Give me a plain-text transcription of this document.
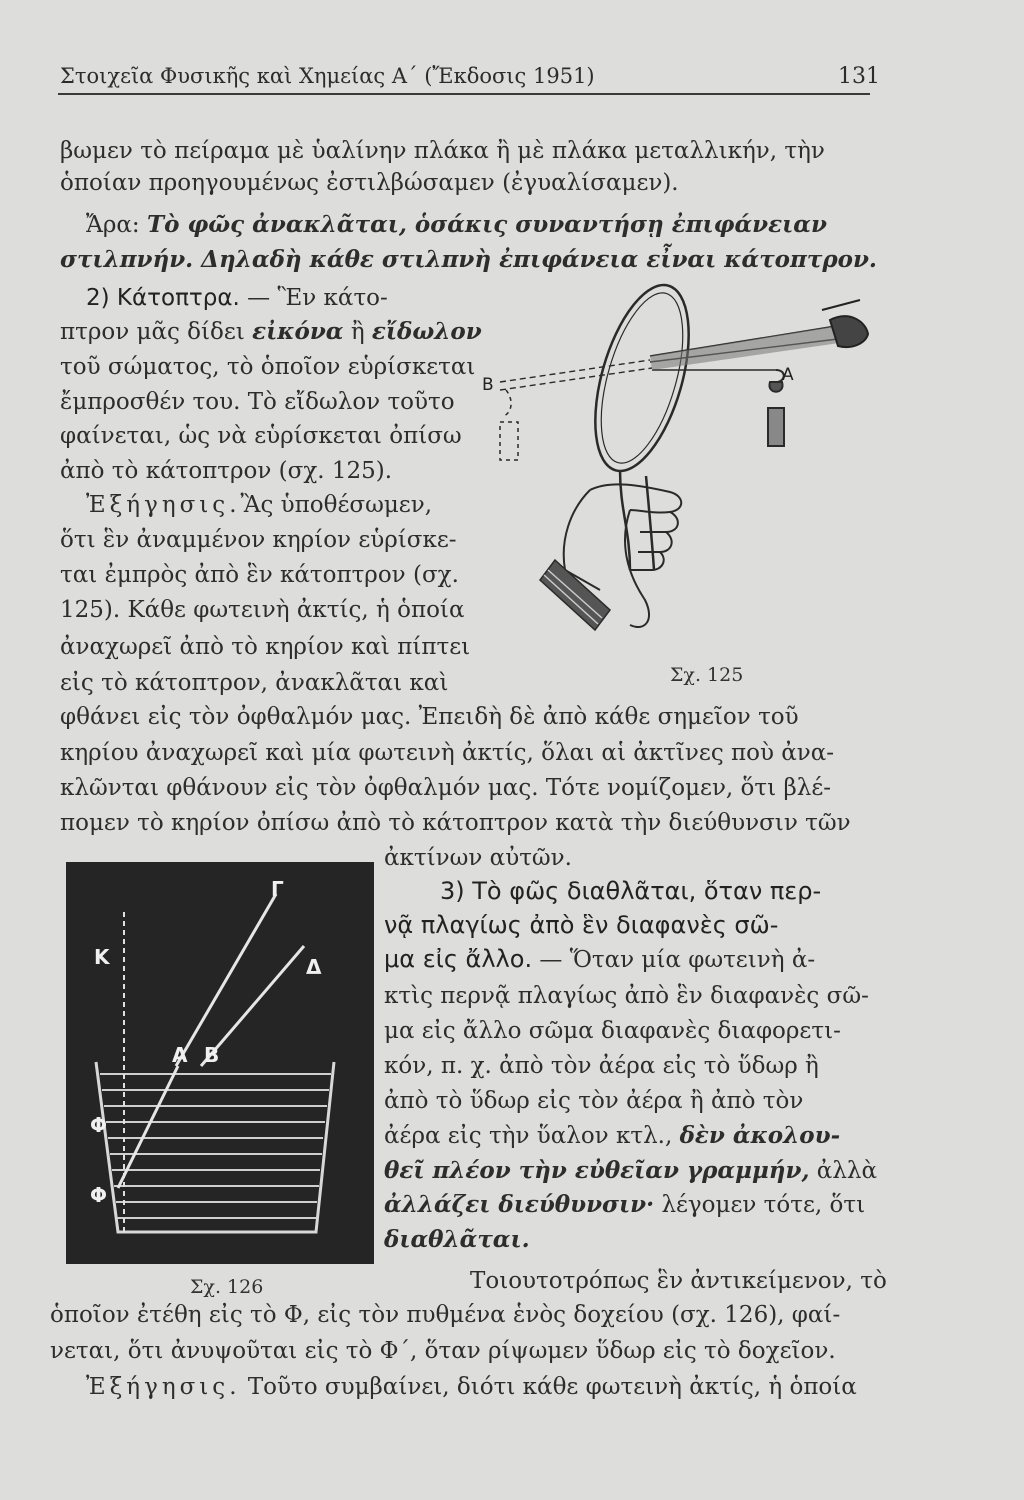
Στοιχεῖα Φυσικῆς καὶ Χημείας Α΄ (Ἔκδοσις 1951)	131
βωμεν τὸ πείραμα μὲ ὑαλίνην πλάκα ἢ μὲ πλάκα μεταλλικήν, τὴν
ὁποίαν προηγουμένως ἐστιλβώσαμεν (ἐγυαλίσαμεν).
Ἄρα: Τὸ φῶς ἀνακλᾶται, ὁσάκις συναντήσῃ ἐπιφάνειαν
στιλπνήν. Δηλαδὴ κάθε στιλπνὴ ἐπιφάνεια εἶναι κάτοπτρον.
2) Κάτοπτρα. — Ἓν κάτο-
πτρον μᾶς δίδει εἰκόνα ἢ εἴδωλον
τοῦ σώματος, τὸ ὁποῖον εὑρίσκεται
ἔμπροσθέν του. Τὸ εἴδωλον τοῦτο
φαίνεται, ὡς νὰ εὑρίσκεται ὀπίσω
ἀπὸ τὸ κάτοπτρον (σχ. 125).
Ἐξήγησις.Ἂς ὑποθέσωμεν,
ὅτι ἓν ἀναμμένον κηρίον εὑρίσκε-
ται ἐμπρὸς ἀπὸ ἓν κάτοπτρον (σχ.
125). Κάθε φωτεινὴ ἀκτίς, ἡ ὁποία
ἀναχωρεῖ ἀπὸ τὸ κηρίον καὶ πίπτει
εἰς τὸ κάτοπτρον, ἀνακλᾶται καὶ
φθάνει εἰς τὸν ὀφθαλμόν μας. Ἐπειδὴ δὲ ἀπὸ κάθε σημεῖον τοῦ
κηρίου ἀναχωρεῖ καὶ μία φωτεινὴ ἀκτίς, ὅλαι αἱ ἀκτῖνες ποὺ ἀνα-
κλῶνται φθάνουν εἰς τὸν ὀφθαλμόν μας. Τότε νομίζομεν, ὅτι βλέ-
πομεν τὸ κηρίον ὀπίσω ἀπὸ τὸ κάτοπτρον κατὰ τὴν διεύθυνσιν τῶν
ἀκτίνων αὐτῶν.
3) Τὸ φῶς διαθλᾶται, ὅταν περ-
νᾷ πλαγίως ἀπὸ ἓν διαφανὲς σῶ-
μα εἰς ἄλλο. — Ὅταν μία φωτεινὴ ἀ-
κτὶς περνᾷ πλαγίως ἀπὸ ἓν διαφανὲς σῶ-
μα εἰς ἄλλο σῶμα διαφανὲς διαφορετι-
κόν, π. χ. ἀπὸ τὸν ἀέρα εἰς τὸ ὕδωρ ἢ
ἀπὸ τὸ ὕδωρ εἰς τὸν ἀέρα ἢ ἀπὸ τὸν
ἀέρα εἰς τὴν ὕαλον κτλ., δὲν ἀκολου-
θεῖ πλέον τὴν εὐθεῖαν γραμμήν, ἀλλὰ
ἀλλάζει διεύθυνσιν· λέγομεν τότε, ὅτι
διαθλᾶται.
Τοιουτοτρόπως ἓν ἀντικείμενον, τὸ
ὁποῖον ἐτέθη εἰς τὸ Φ, εἰς τὸν πυθμένα ἑνὸς δοχείου (σχ. 126), φαί-
νεται, ὅτι ἀνυψοῦται εἰς τὸ Φ΄, ὅταν ρίψωμεν ὕδωρ εἰς τὸ δοχεῖον.
Ἐξήγησις. Τοῦτο συμβαίνει, διότι κάθε φωτεινὴ ἀκτίς, ἡ ὁποία
A
B
Σχ. 125
K
Γ
Δ
Α Β
Φ
Φ
Σχ. 126
